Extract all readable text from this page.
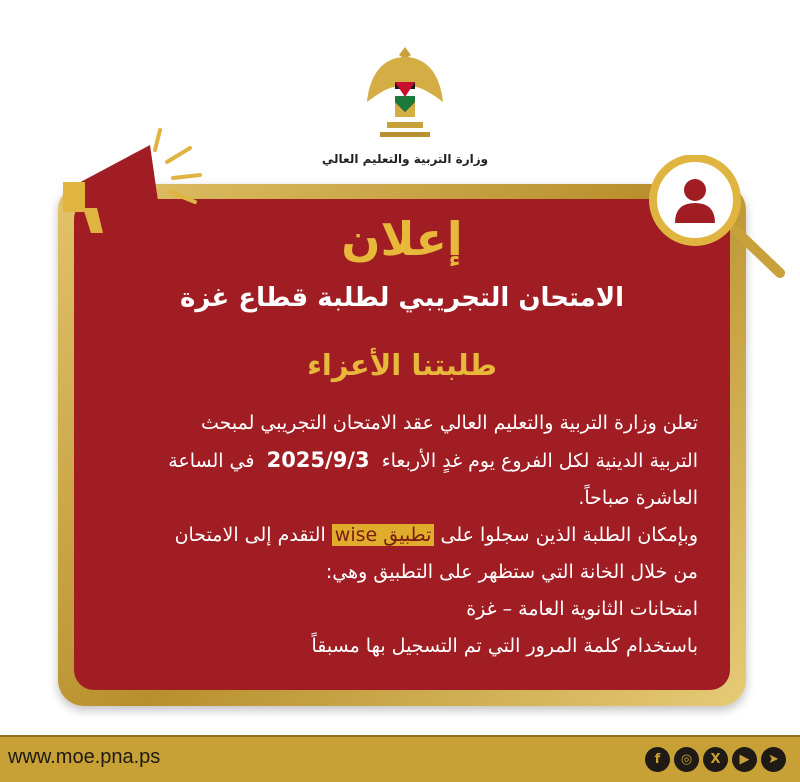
وزارة التربية والتعليم العالي
إعلان
الامتحان التجريبي لطلبة قطاع غزة
طلبتنا الأعزاء

تعلن وزارة التربية والتعليم العالي عقد الامتحان التجريبي لمبحث

التربية الدينية لكل الفروع يوم غدٍ الأربعاء  2025/9/3  في الساعة

العاشرة صباحاً.

وبإمكان الطلبة الذين سجلوا على تطبيق wise التقدم إلى الامتحان

من خلال الخانة التي ستظهر على التطبيق وهي:

امتحانات الثانوية العامة – غزة

باستخدام كلمة المرور التي تم التسجيل بها مسبقاً

www.moe.pna.ps	f	◎	X	▶	➤
